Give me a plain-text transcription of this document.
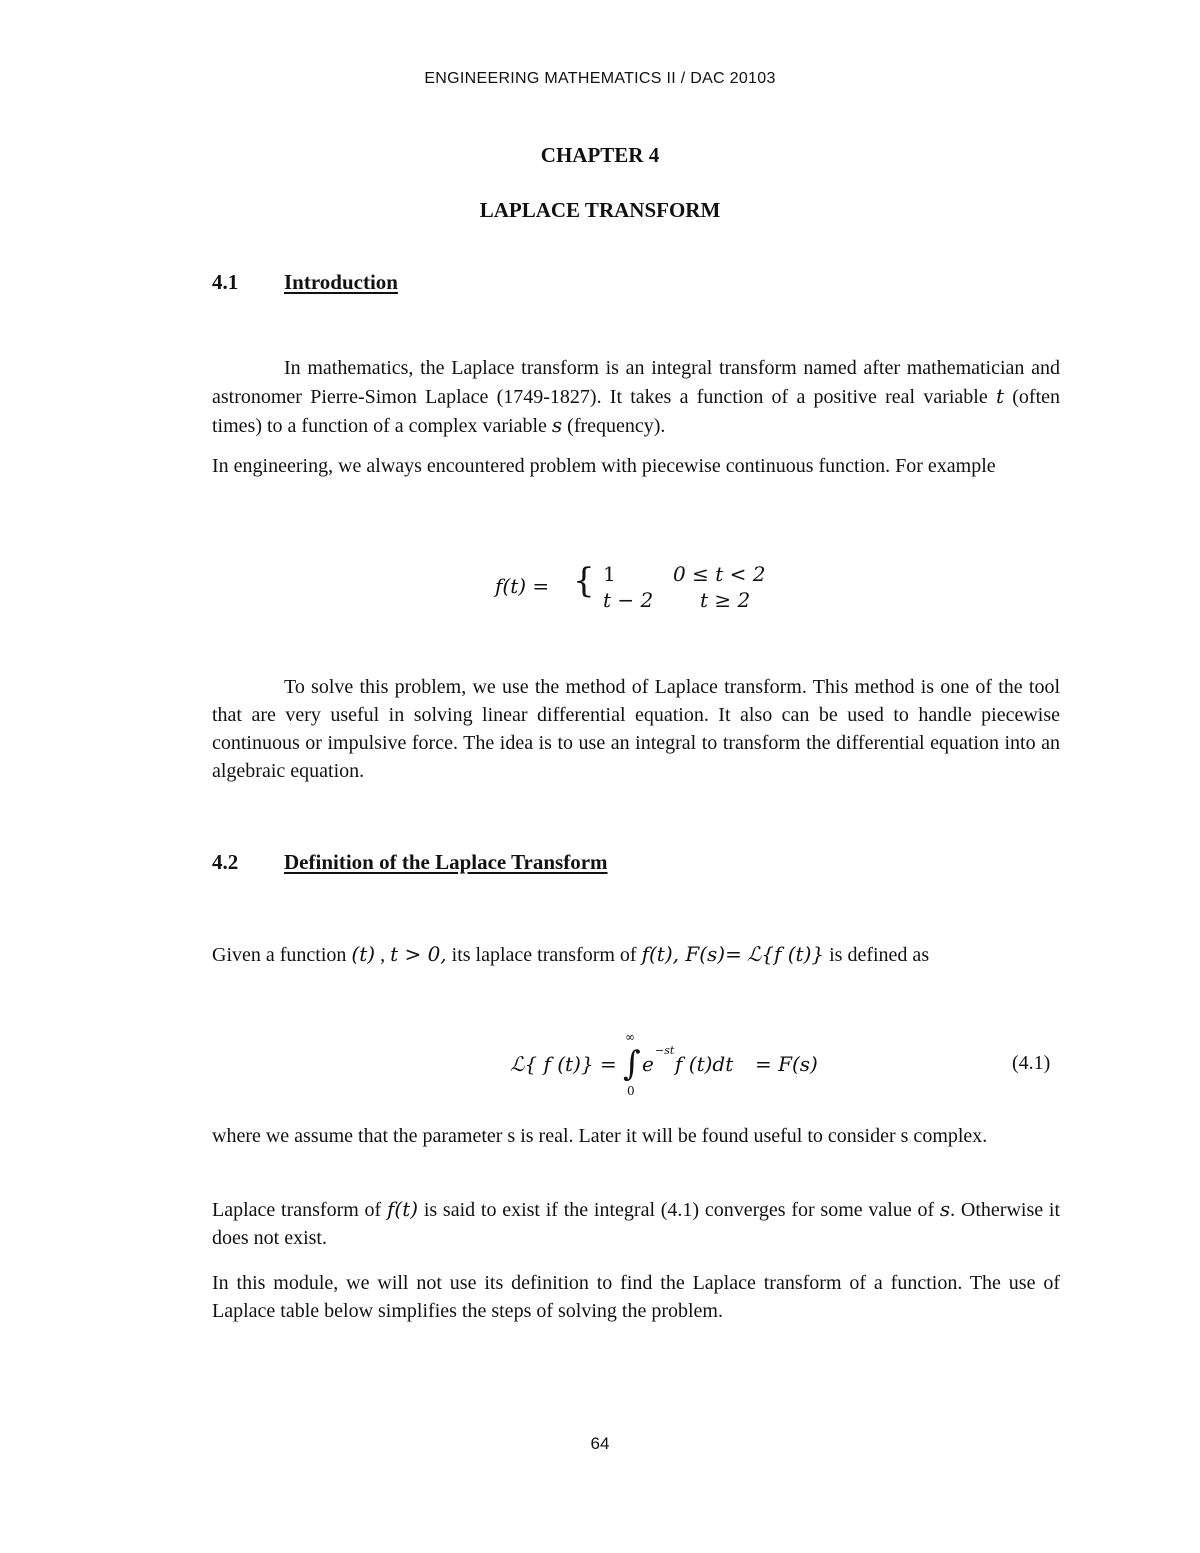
ENGINEERING MATHEMATICS II / DAC 20103
CHAPTER 4
LAPLACE TRANSFORM
4.1 Introduction

In mathematics, the Laplace transform is an integral transform named after mathematician and astronomer Pierre-Simon Laplace (1749-1827). It takes a function of a positive real variable t (often times) to a function of a complex variable s (frequency).

In engineering, we always encountered problem with piecewise continuous function. For example
f(t) = { 1	0 ≤ t < 2
t − 2 t ≥ 2
To solve this problem, we use the method of Laplace transform. This method is one of the tool that are very useful in solving linear differential equation. It also can be used to handle piecewise continuous or impulsive force. The idea is to use an integral to transform the differential equation into an algebraic equation.
4.2 Definition of the Laplace Transform
Given a function (t) , t > 0, its laplace transform of f(t), F(s)= ℒ{f (t)} is defined as
ℒ{ f (t)} =
∞
∫
0
e
−st
f (t)dt = F(s)	(4.1)
where we assume that the parameter s is real. Later it will be found useful to consider s complex.
Laplace transform of f(t) is said to exist if the integral (4.1) converges for some value of s. Otherwise it does not exist.
In this module, we will not use its definition to find the Laplace transform of a function. The use of Laplace table below simplifies the steps of solving the problem.
64
